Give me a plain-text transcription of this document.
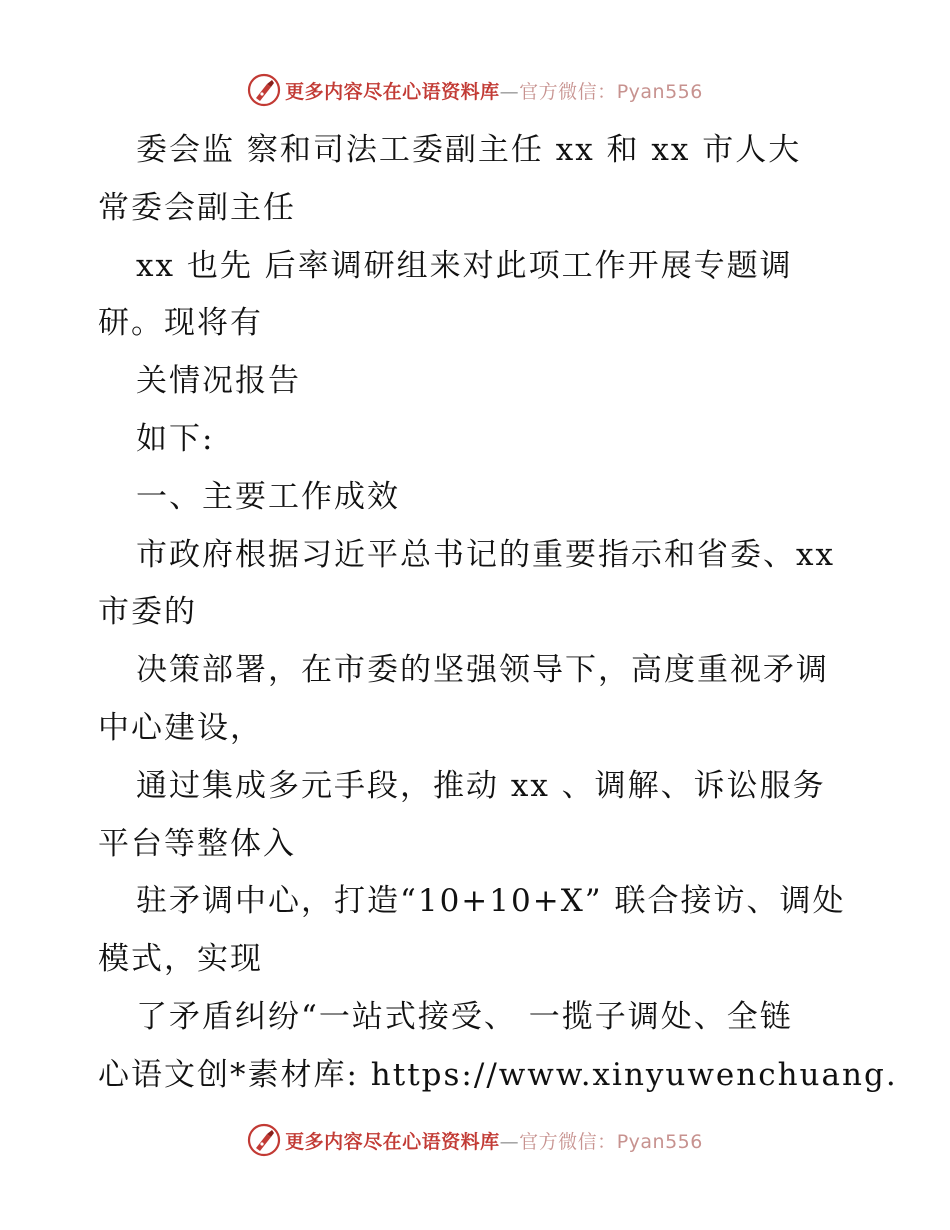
更多内容尽在心语资料库—官方微信：Pyan556
委会监 察和司法工委副主任 xx 和 xx 市人大
常委会副主任
xx 也先 后率调研组来对此项工作开展专题调
研。现将有
关情况报告
如下:
一、主要工作成效
市政府根据习近平总书记的重要指示和省委、xx
市委的
决策部署，在市委的坚强领导下，高度重视矛调
中心建设，
通过集成多元手段，推动 xx 、调解、诉讼服务
平台等整体入
驻矛调中心，打造“10+10+X” 联合接访、调处
模式，实现
了矛盾纠纷“一站式接受、 一揽子调处、全链
心语文创*素材库: https://www.xinyuwenchuang.
更多内容尽在心语资料库—官方微信：Pyan556
